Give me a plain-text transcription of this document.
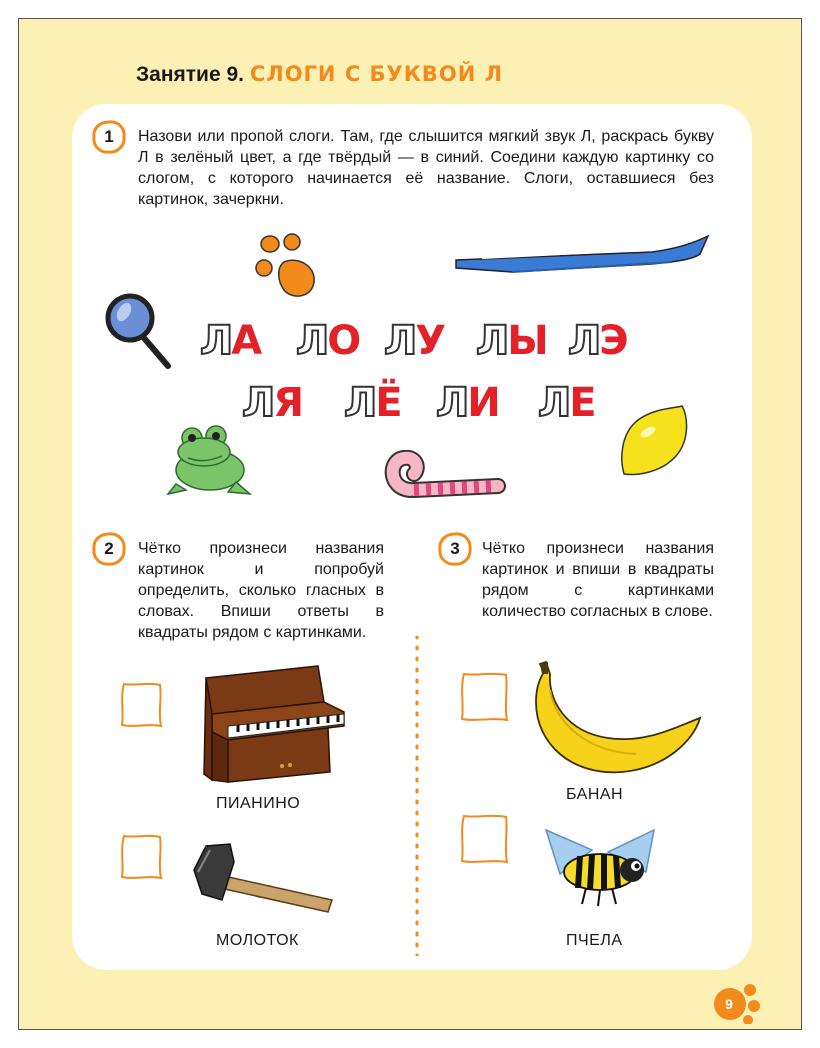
Занятие 9. СЛОГИ С БУКВОЙ Л
1 Назови или пропой слоги. Там, где слышится мягкий звук Л, раскрась букву Л в зелёный цвет, а где твёрдый — в синий. Соедини каждую картинку со слогом, с которого начинается её название. Слоги, оставшиеся без картинок, зачеркни.
ЛА ЛО ЛУ ЛЫ ЛЭ
ЛЯ ЛЁ ЛИ ЛЕ
2 Чётко произнеси названия картинок и попробуй определить, сколько гласных в словах. Впиши ответы в квадраты рядом с картинками.
3 Чётко произнеси названия картинок и впиши в квадраты рядом с картинками количество согласных в слове.
ПИАНИНО
МОЛОТОК
БАНАН
ПЧЕЛА
9
